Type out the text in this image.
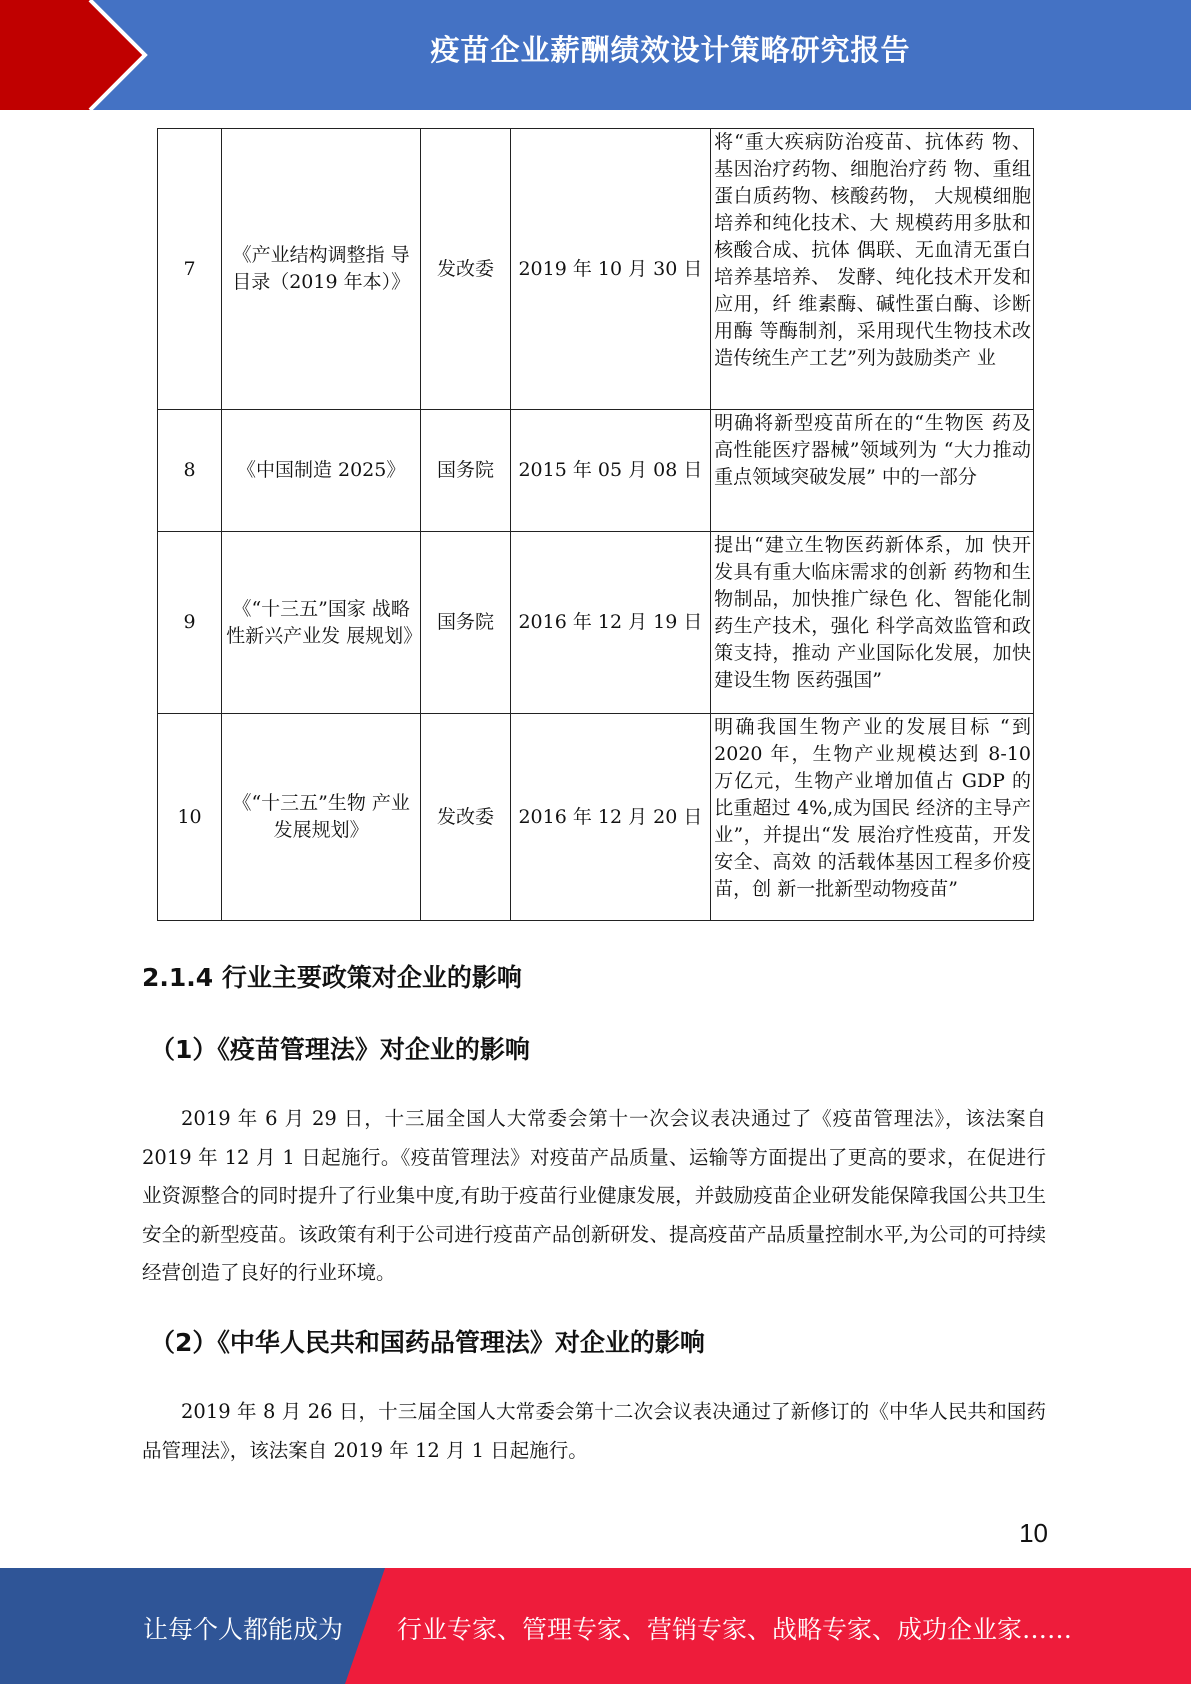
疫苗企业薪酬绩效设计策略研究报告
7	《产业结构调整指 导目录（2019 年本）》	发改委	2019 年 10 月 30 日	将“重大疾病防治疫苗、抗体药 物、基因治疗药物、细胞治疗药 物、重组蛋白质药物、核酸药物， 大规模细胞培养和纯化技术、大 规模药用多肽和核酸合成、抗体 偶联、无血清无蛋白培养基培养、 发酵、纯化技术开发和应用，纤 维素酶、碱性蛋白酶、诊断用酶 等酶制剂，采用现代生物技术改 造传统生产工艺”列为鼓励类产 业
8	《中国制造 2025》	国务院	2015 年 05 月 08 日	明确将新型疫苗所在的“生物医 药及高性能医疗器械”领域列为 “大力推动重点领域突破发展” 中的一部分
9	《“十三五”国家 战略性新兴产业发 展规划》	国务院	2016 年 12 月 19 日	提出“建立生物医药新体系，加 快开发具有重大临床需求的创新 药物和生物制品，加快推广绿色 化、智能化制药生产技术，强化 科学高效监管和政策支持，推动 产业国际化发展，加快建设生物 医药强国”
10	《“十三五”生物 产业发展规划》	发改委	2016 年 12 月 20 日	明确我国生物产业的发展目标 “到 2020 年，生物产业规模达到 8-10 万亿元，生物产业增加值占 GDP 的比重超过 4%,成为国民 经济的主导产业”，并提出“发 展治疗性疫苗，开发安全、高效 的活载体基因工程多价疫苗，创 新一批新型动物疫苗”
2.1.4 行业主要政策对企业的影响
（1）《疫苗管理法》对企业的影响
2019 年 6 月 29 日，十三届全国人大常委会第十一次会议表决通过了《疫苗管理法》，该法案自 2019 年 12 月 1 日起施行。《疫苗管理法》对疫苗产品质量、运输等方面提出了更高的要求，在促进行业资源整合的同时提升了行业集中度,有助于疫苗行业健康发展，并鼓励疫苗企业研发能保障我国公共卫生安全的新型疫苗。该政策有利于公司进行疫苗产品创新研发、提高疫苗产品质量控制水平,为公司的可持续经营创造了良好的行业环境。
（2）《中华人民共和国药品管理法》对企业的影响
2019 年 8 月 26 日，十三届全国人大常委会第十二次会议表决通过了新修订的《中华人民共和国药品管理法》，该法案自 2019 年 12 月 1 日起施行。
10
让每个人都能成为 行业专家、管理专家、营销专家、战略专家、成功企业家……
